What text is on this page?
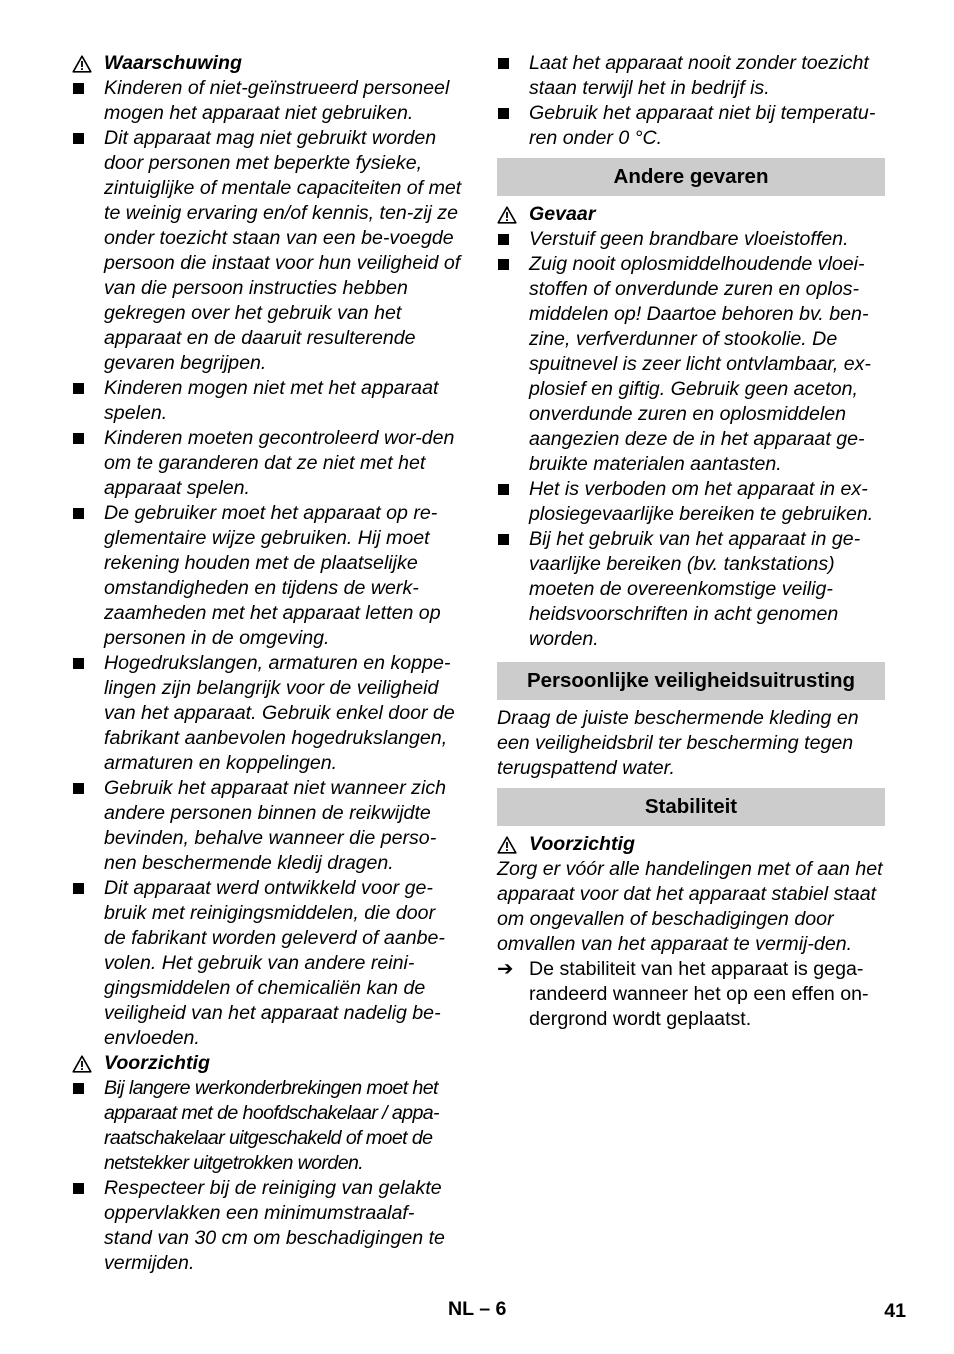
Waarschuwing
Kinderen of niet-geïnstrueerd personeel mogen het apparaat niet gebruiken.
Dit apparaat mag niet gebruikt worden door personen met beperkte fysieke, zintuiglijke of mentale capaciteiten of met te weinig ervaring en/of kennis, ten-zij ze onder toezicht staan van een be-voegde persoon die instaat voor hun veiligheid of van die persoon instructies hebben gekregen over het gebruik van het apparaat en de daaruit resulterende gevaren begrijpen.
Kinderen mogen niet met het apparaat spelen.
Kinderen moeten gecontroleerd wor-den om te garanderen dat ze niet met het apparaat spelen.
De gebruiker moet het apparaat op re-glementaire wijze gebruiken. Hij moet rekening houden met de plaatselijke omstandigheden en tijdens de werk-zaamheden met het apparaat letten op personen in de omgeving.
Hogedrukslangen, armaturen en koppe-lingen zijn belangrijk voor de veiligheid van het apparaat. Gebruik enkel door de fabrikant aanbevolen hogedrukslangen, armaturen en koppelingen.
Gebruik het apparaat niet wanneer zich andere personen binnen de reikwijdte bevinden, behalve wanneer die perso-nen beschermende kledij dragen.
Dit apparaat werd ontwikkeld voor ge-bruik met reinigingsmiddelen, die door de fabrikant worden geleverd of aanbe-volen. Het gebruik van andere reini-gingsmiddelen of chemicaliën kan de veiligheid van het apparaat nadelig be-envloeden.
Voorzichtig
Bij langere werkonderbrekingen moet het apparaat met de hoofdschakelaar / appa-raatschakelaar uitgeschakeld of moet de netstekker uitgetrokken worden.
Respecteer bij de reiniging van gelakte oppervlakken een minimumstraalaf-stand van 30 cm om beschadigingen te vermijden.
Laat het apparaat nooit zonder toezicht staan terwijl het in bedrijf is.
Gebruik het apparaat niet bij temperatu-ren onder 0 °C.
Andere gevaren
Gevaar
Verstuif geen brandbare vloeistoffen.
Zuig nooit oplosmiddelhoudende vloei-stoffen of onverdunde zuren en oplos-middelen op! Daartoe behoren bv. ben-zine, verfverdunner of stookolie. De spuitnevel is zeer licht ontvlambaar, ex-plosief en giftig. Gebruik geen aceton, onverdunde zuren en oplosmiddelen aangezien deze de in het apparaat ge-bruikte materialen aantasten.
Het is verboden om het apparaat in ex-plosiegevaarlijke bereiken te gebruiken.
Bij het gebruik van het apparaat in ge-vaarlijke bereiken (bv. tankstations) moeten de overeenkomstige veilig-heidsvoorschriften in acht genomen worden.
Persoonlijke veiligheidsuitrusting
Draag de juiste beschermende kleding en een veiligheidsbril ter bescherming tegen terugspattend water.
Stabiliteit
Voorzichtig
Zorg er vóór alle handelingen met of aan het apparaat voor dat het apparaat stabiel staat om ongevallen of beschadigingen door omvallen van het apparaat te vermij-den.
➔ De stabiliteit van het apparaat is gega-randeerd wanneer het op een effen on-dergrond wordt geplaatst.
NL – 6	41
